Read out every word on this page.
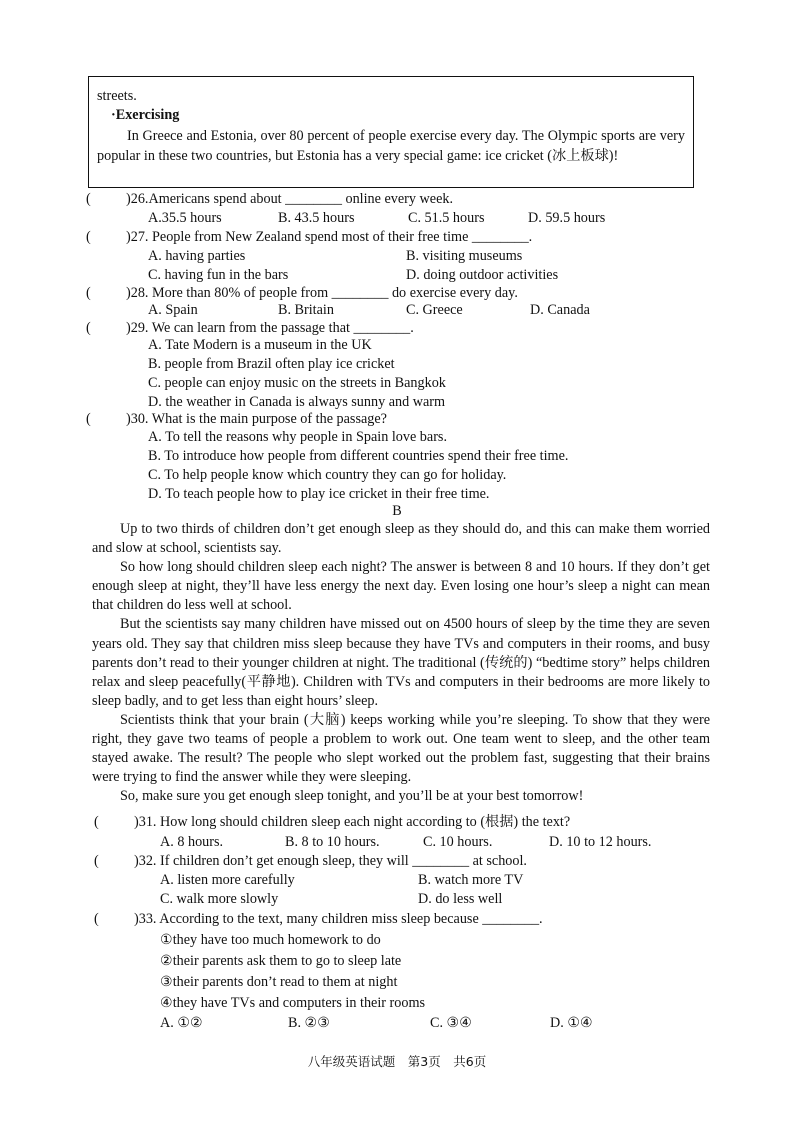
streets.
·Exercising
In Greece and Estonia, over 80 percent of people exercise every day. The Olympic sports are very popular in these two countries, but Estonia has a very special game: ice cricket (冰上板球)!
(	)26.Americans spend about ________ online every week.
A.35.5 hours	B. 43.5 hours	C. 51.5 hours	D. 59.5 hours
(	)27. People from New Zealand spend most of their free time ________.
A. having parties	B. visiting museums
C. having fun in the bars	D. doing outdoor activities
(	)28. More than 80% of people from ________ do exercise every day.
A. Spain	B. Britain	C. Greece	D. Canada
(	)29. We can learn from the passage that ________.
A. Tate Modern is a museum in the UK
B. people from Brazil often play ice cricket
C. people can enjoy music on the streets in Bangkok
D. the weather in Canada is always sunny and warm
(	)30. What is the main purpose of the passage?
A. To tell the reasons why people in Spain love bars.
B. To introduce how people from different countries spend their free time.
C. To help people know which country they can go for holiday.
D. To teach people how to play ice cricket in their free time.
B

Up to two thirds of children don’t get enough sleep as they should do, and this can make them worried and slow at school, scientists say.

So how long should children sleep each night? The answer is between 8 and 10 hours. If they don’t get enough sleep at night, they’ll have less energy the next day. Even losing one hour’s sleep a night can mean that children do less well at school.

But the scientists say many children have missed out on 4500 hours of sleep by the time they are seven years old. They say that children miss sleep because they have TVs and computers in their rooms, and busy parents don’t read to their younger children at night. The traditional (传统的) “bedtime story” helps children relax and sleep peacefully(平静地). Children with TVs and computers in their bedrooms are more likely to sleep badly, and to get less than eight hours’ sleep.

Scientists think that your brain (大脑) keeps working while you’re sleeping. To show that they were right, they gave two teams of people a problem to work out. One team went to sleep, and the other team stayed awake. The result? The people who slept worked out the problem fast, suggesting that their brains were trying to find the answer while they were sleeping.

So, make sure you get enough sleep tonight, and you’ll be at your best tomorrow!

(	)31. How long should children sleep each night according to (根据) the text?
A. 8 hours.	B. 8 to 10 hours.	C. 10 hours.	D. 10 to 12 hours.
(	)32. If children don’t get enough sleep, they will ________ at school.
A. listen more carefully	B. watch more TV
C. walk more slowly	D. do less well
(	)33. According to the text, many children miss sleep because ________.
①they have too much homework to do
②their parents ask them to go to sleep late
③their parents don’t read to them at night
④they have TVs and computers in their rooms
A. ①②	B. ②③	C. ③④	D. ①④
八年级英语试题　第3页　共6页
